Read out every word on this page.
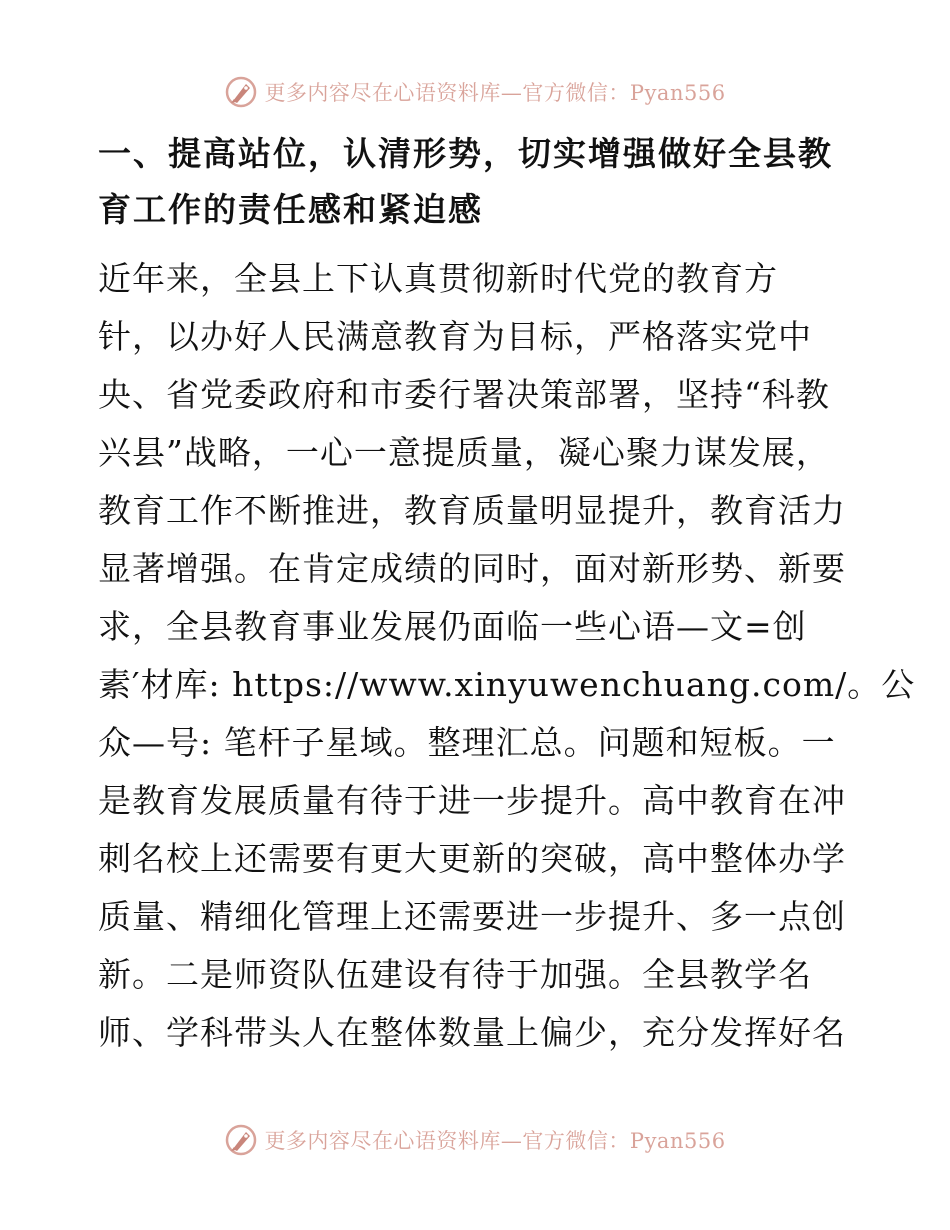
更多内容尽在心语资料库—官方微信：Pyan556
一、提高站位，认清形势，切实增强做好全县教
育工作的责任感和紧迫感
近年来，全县上下认真贯彻新时代党的教育方
针，以办好人民满意教育为目标，严格落实党中
央、省党委政府和市委行署决策部署，坚持“科教
兴县”战略，一心一意提质量，凝心聚力谋发展，
教育工作不断推进，教育质量明显提升，教育活力
显著增强。在肯定成绩的同时，面对新形势、新要
求，全县教育事业发展仍面临一些心语—文=创
素′材库: https://www.xinyuwenchuang.com/。公
众—号: 笔杆子星域。整理汇总。问题和短板。一
是教育发展质量有待于进一步提升。高中教育在冲
刺名校上还需要有更大更新的突破，高中整体办学
质量、精细化管理上还需要进一步提升、多一点创
新。二是师资队伍建设有待于加强。全县教学名
师、学科带头人在整体数量上偏少，充分发挥好名
更多内容尽在心语资料库—官方微信：Pyan556
